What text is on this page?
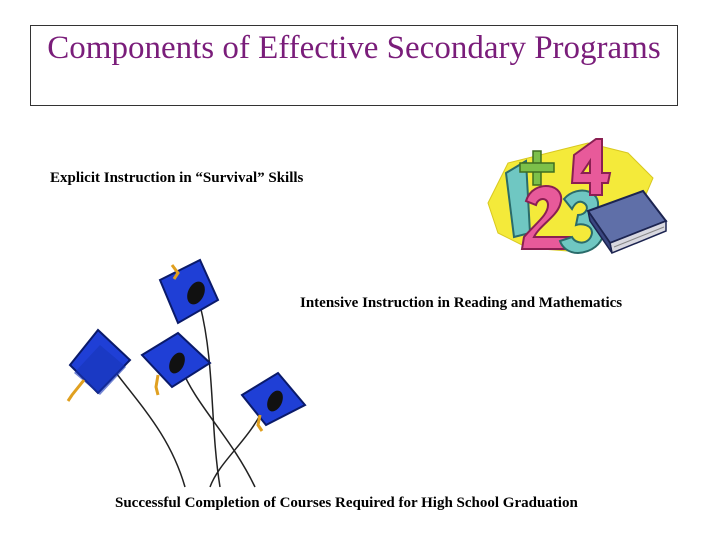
Components of Effective Secondary Programs
Explicit Instruction in “Survival” Skills
Intensive Instruction in Reading and Mathematics
Successful Completion of Courses Required for High School Graduation
